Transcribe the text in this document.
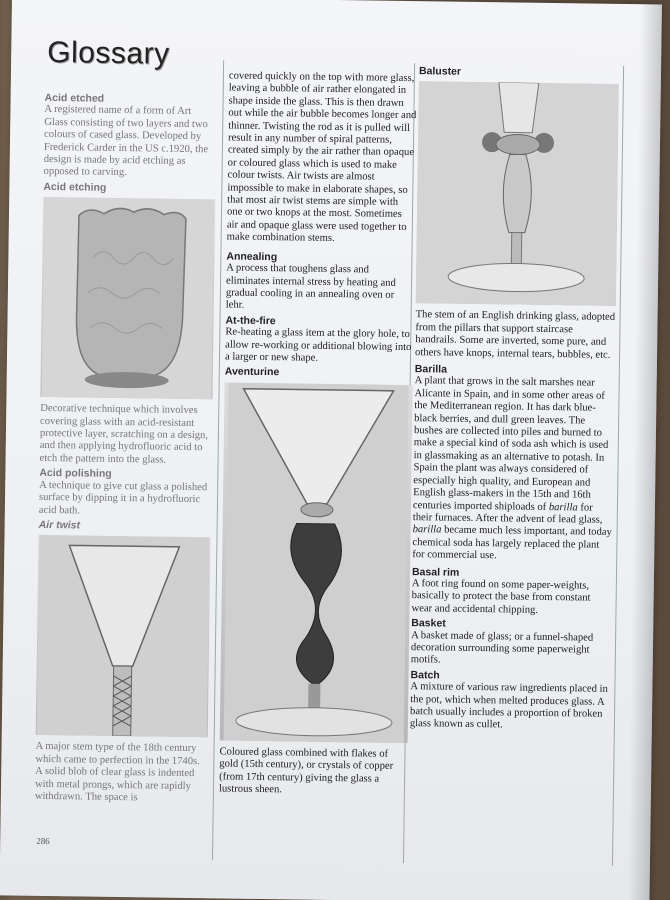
Glossary

Acid etched

A registered name of a form of Art Glass consisting of two layers and two colours of cased glass. Developed by Frederick Carder in the US c.1920, the design is made by acid etching as opposed to carving.

Acid etching

Decorative technique which involves covering glass with an acid-resistant protective layer, scratching on a design, and then applying hydrofluoric acid to etch the pattern into the glass.

Acid polishing

A technique to give cut glass a polished surface by dipping it in a hydrofluoric acid bath.

Air twist

A major stem type of the 18th century which came to perfection in the 1740s. A solid blob of clear glass is indented with metal prongs, which are rapidly withdrawn. The space is

covered quickly on the top with more glass, leaving a bubble of air rather elongated in shape inside the glass. This is then drawn out while the air bubble becomes longer and thinner. Twisting the rod as it is pulled will result in any number of spiral patterns, created simply by the air rather than opaque or coloured glass which is used to make colour twists. Air twists are almost impossible to make in elaborate shapes, so that most air twist stems are simple with one or two knops at the most. Sometimes air and opaque glass were used together to make combination stems.

Annealing

A process that toughens glass and eliminates internal stress by heating and gradual cooling in an annealing oven or lehr.

At-the-fire

Re-heating a glass item at the glory hole, to allow re-working or additional blowing into a larger or new shape.

Aventurine

Coloured glass combined with flakes of gold (15th century), or crystals of copper (from 17th century) giving the glass a lustrous sheen.

Baluster

The stem of an English drinking glass, adopted from the pillars that support staircase handrails. Some are inverted, some pure, and others have knops, internal tears, bubbles, etc.

Barilla

A plant that grows in the salt marshes near Alicante in Spain, and in some other areas of the Mediterranean region. It has dark blue-black berries, and dull green leaves. The bushes are collected into piles and burned to make a special kind of soda ash which is used in glassmaking as an alternative to potash. In Spain the plant was always considered of especially high quality, and European and English glass-makers in the 15th and 16th centuries imported shiploads of barilla for their furnaces. After the advent of lead glass, barilla became much less important, and today chemical soda has largely replaced the plant for commercial use.

Basal rim

A foot ring found on some paper-weights, basically to protect the base from constant wear and accidental chipping.

Basket

A basket made of glass; or a funnel-shaped decoration surrounding some paperweight motifs.

Batch

A mixture of various raw ingredients placed in the pot, which when melted produces glass. A batch usually includes a proportion of broken glass known as cullet.

286
